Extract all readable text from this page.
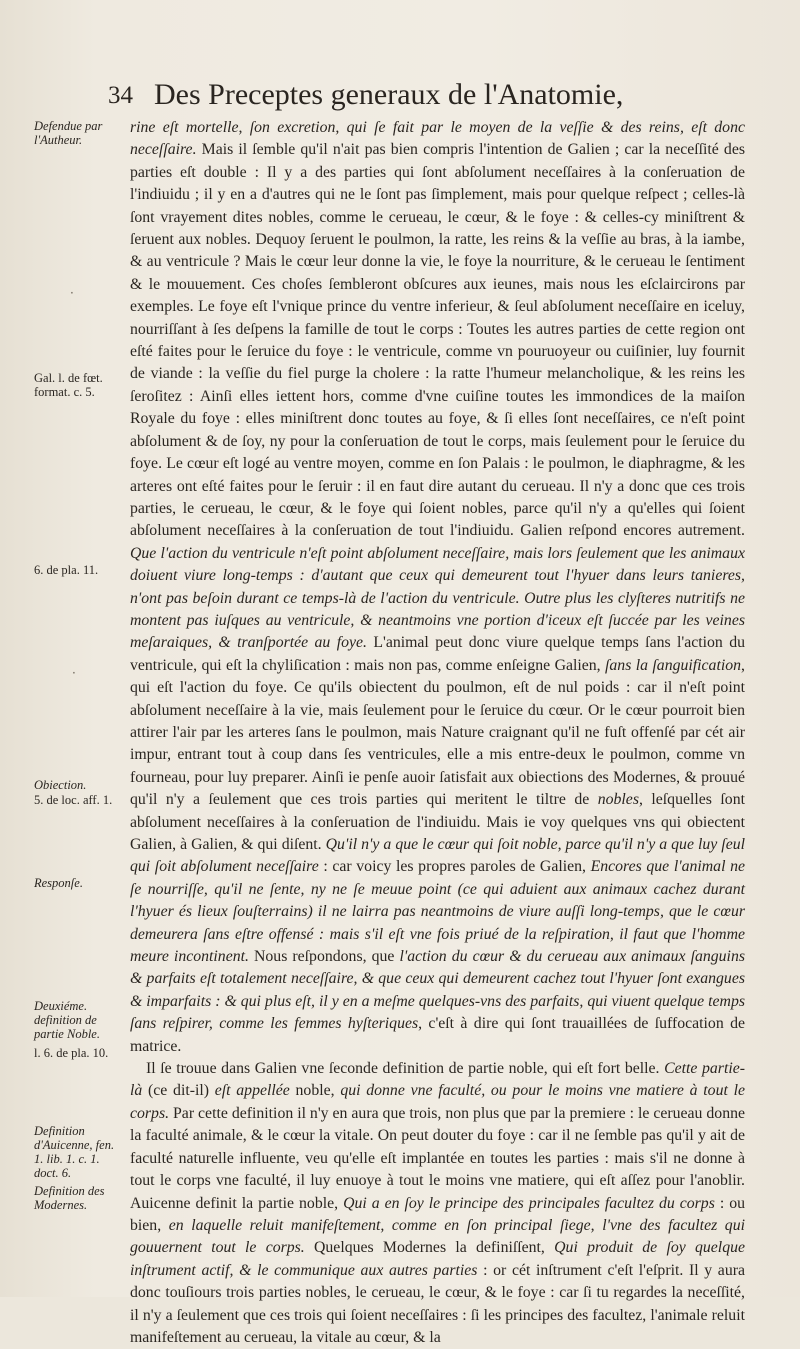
34 Des Preceptes generaux de l'Anatomie,
Defendue par l'Autheur.
Gal. l. de fœt. format. c. 5.
6. de pla. 11.
Obiection.
5. de loc. aff. 1.
Responſe.
Deuxiéme. definition de partie Noble.
l. 6. de pla. 10.
Definition d'Auicenne, fen. 1. lib. 1. c. 1. doct. 6.
Definition des Modernes.

rine eſt mortelle, ſon excretion, qui ſe fait par le moyen de la veſſie & des reins, eſt donc neceſſaire. Mais il ſemble qu'il n'ait pas bien compris l'intention de Galien ; car la neceſſité des parties eſt double : Il y a des parties qui ſont abſolument neceſſaires à la conſeruation de l'indiuidu ; il y en a d'autres qui ne le ſont pas ſimplement, mais pour quelque reſpect ; celles-là ſont vrayement dites nobles, comme le cerueau, le cœur, & le foye : & celles-cy miniſtrent & ſeruent aux nobles. Dequoy ſeruent le poulmon, la ratte, les reins & la veſſie au bras, à la iambe, & au ventricule ? Mais le cœur leur donne la vie, le foye la nourriture, & le cerueau le ſentiment & le mouuement. Ces choſes ſembleront obſcures aux ieunes, mais nous les eſclaircirons par exemples. Le foye eſt l'vnique prince du ventre inferieur, & ſeul abſolument neceſſaire en iceluy, nourriſſant à ſes deſpens la famille de tout le corps : Toutes les autres parties de cette region ont eſté faites pour le ſeruice du foye : le ventricule, comme vn pouruoyeur ou cuiſinier, luy fournit de viande : la veſſie du fiel purge la cholere : la ratte l'humeur melancholique, & les reins les ſeroſitez : Ainſi elles iettent hors, comme d'vne cuiſine toutes les immondices de la maiſon Royale du foye : elles miniſtrent donc toutes au foye, & ſi elles ſont neceſſaires, ce n'eſt point abſolument & de ſoy, ny pour la conſeruation de tout le corps, mais ſeulement pour le ſeruice du foye. Le cœur eſt logé au ventre moyen, comme en ſon Palais : le poulmon, le diaphragme, & les arteres ont eſté faites pour le ſeruir : il en faut dire autant du cerueau. Il n'y a donc que ces trois parties, le cerueau, le cœur, & le foye qui ſoient nobles, parce qu'il n'y a qu'elles qui ſoient abſolument neceſſaires à la conſeruation de tout l'indiuidu. Galien reſpond encores autrement. Que l'action du ventricule n'eſt point abſolument neceſſaire, mais lors ſeulement que les animaux doiuent viure long-temps : d'autant que ceux qui demeurent tout l'hyuer dans leurs tanieres, n'ont pas beſoin durant ce temps-là de l'action du ventricule. Outre plus les clyſteres nutritifs ne montent pas iuſques au ventricule, & neantmoins vne portion d'iceux eſt ſuccée par les veines meſaraiques, & tranſportée au foye. L'animal peut donc viure quelque temps ſans l'action du ventricule, qui eſt la chyliſication : mais non pas, comme enſeigne Galien, ſans la ſanguification, qui eſt l'action du foye. Ce qu'ils obiectent du poulmon, eſt de nul poids : car il n'eſt point abſolument neceſſaire à la vie, mais ſeulement pour le ſeruice du cœur. Or le cœur pourroit bien attirer l'air par les arteres ſans le poulmon, mais Nature craignant qu'il ne fuſt offenſé par cét air impur, entrant tout à coup dans ſes ventricules, elle a mis entre-deux le poulmon, comme vn fourneau, pour luy preparer. Ainſi ie penſe auoir ſatisfait aux obiections des Modernes, & prouué qu'il n'y a ſeulement que ces trois parties qui meritent le tiltre de nobles, leſquelles ſont abſolument neceſſaires à la conſeruation de l'indiuidu. Mais ie voy quelques vns qui obiectent Galien, à Galien, & qui diſent. Qu'il n'y a que le cœur qui ſoit noble, parce qu'il n'y a que luy ſeul qui ſoit abſolument neceſſaire : car voicy les propres paroles de Galien, Encores que l'animal ne ſe nourriſſe, qu'il ne ſente, ny ne ſe meuue point (ce qui aduient aux animaux cachez durant l'hyuer és lieux ſouſterrains) il ne lairra pas neantmoins de viure auſſi long-temps, que le cœur demeurera ſans eſtre offensé : mais s'il eſt vne fois priué de la reſpiration, il faut que l'homme meure incontinent. Nous reſpondons, que l'action du cœur & du cerueau aux animaux ſanguins & parfaits eſt totalement neceſſaire, & que ceux qui demeurent cachez tout l'hyuer ſont exangues & imparfaits : & qui plus eſt, il y en a meſme quelques-vns des parfaits, qui viuent quelque temps ſans reſpirer, comme les femmes hyſteriques, c'eſt à dire qui ſont trauaillées de ſuffocation de matrice.

Il ſe trouue dans Galien vne ſeconde definition de partie noble, qui eſt fort belle. Cette partie-là (ce dit-il) eſt appellée noble, qui donne vne faculté, ou pour le moins vne matiere à tout le corps. Par cette definition il n'y en aura que trois, non plus que par la premiere : le cerueau donne la faculté animale, & le cœur la vitale. On peut douter du foye : car il ne ſemble pas qu'il y ait de faculté naturelle influente, veu qu'elle eſt implantée en toutes les parties : mais s'il ne donne à tout le corps vne faculté, il luy enuoye à tout le moins vne matiere, qui eſt aſſez pour l'anoblir. Auicenne definit la partie noble, Qui a en ſoy le principe des principales facultez du corps : ou bien, en laquelle reluit manifeſtement, comme en ſon principal ſiege, l'vne des facultez qui gouuernent tout le corps. Quelques Modernes la definiſſent, Qui produit de ſoy quelque inſtrument actif, & le communique aux autres parties : or cét inſtrument c'eſt l'eſprit. Il y aura donc touſiours trois parties nobles, le cerueau, le cœur, & le foye : car ſi tu regardes la neceſſité, il n'y a ſeulement que ces trois qui ſoient neceſſaires : ſi les principes des facultez, l'animale reluit manifeſtement au cerueau, la vitale au cœur, & la

·
·
